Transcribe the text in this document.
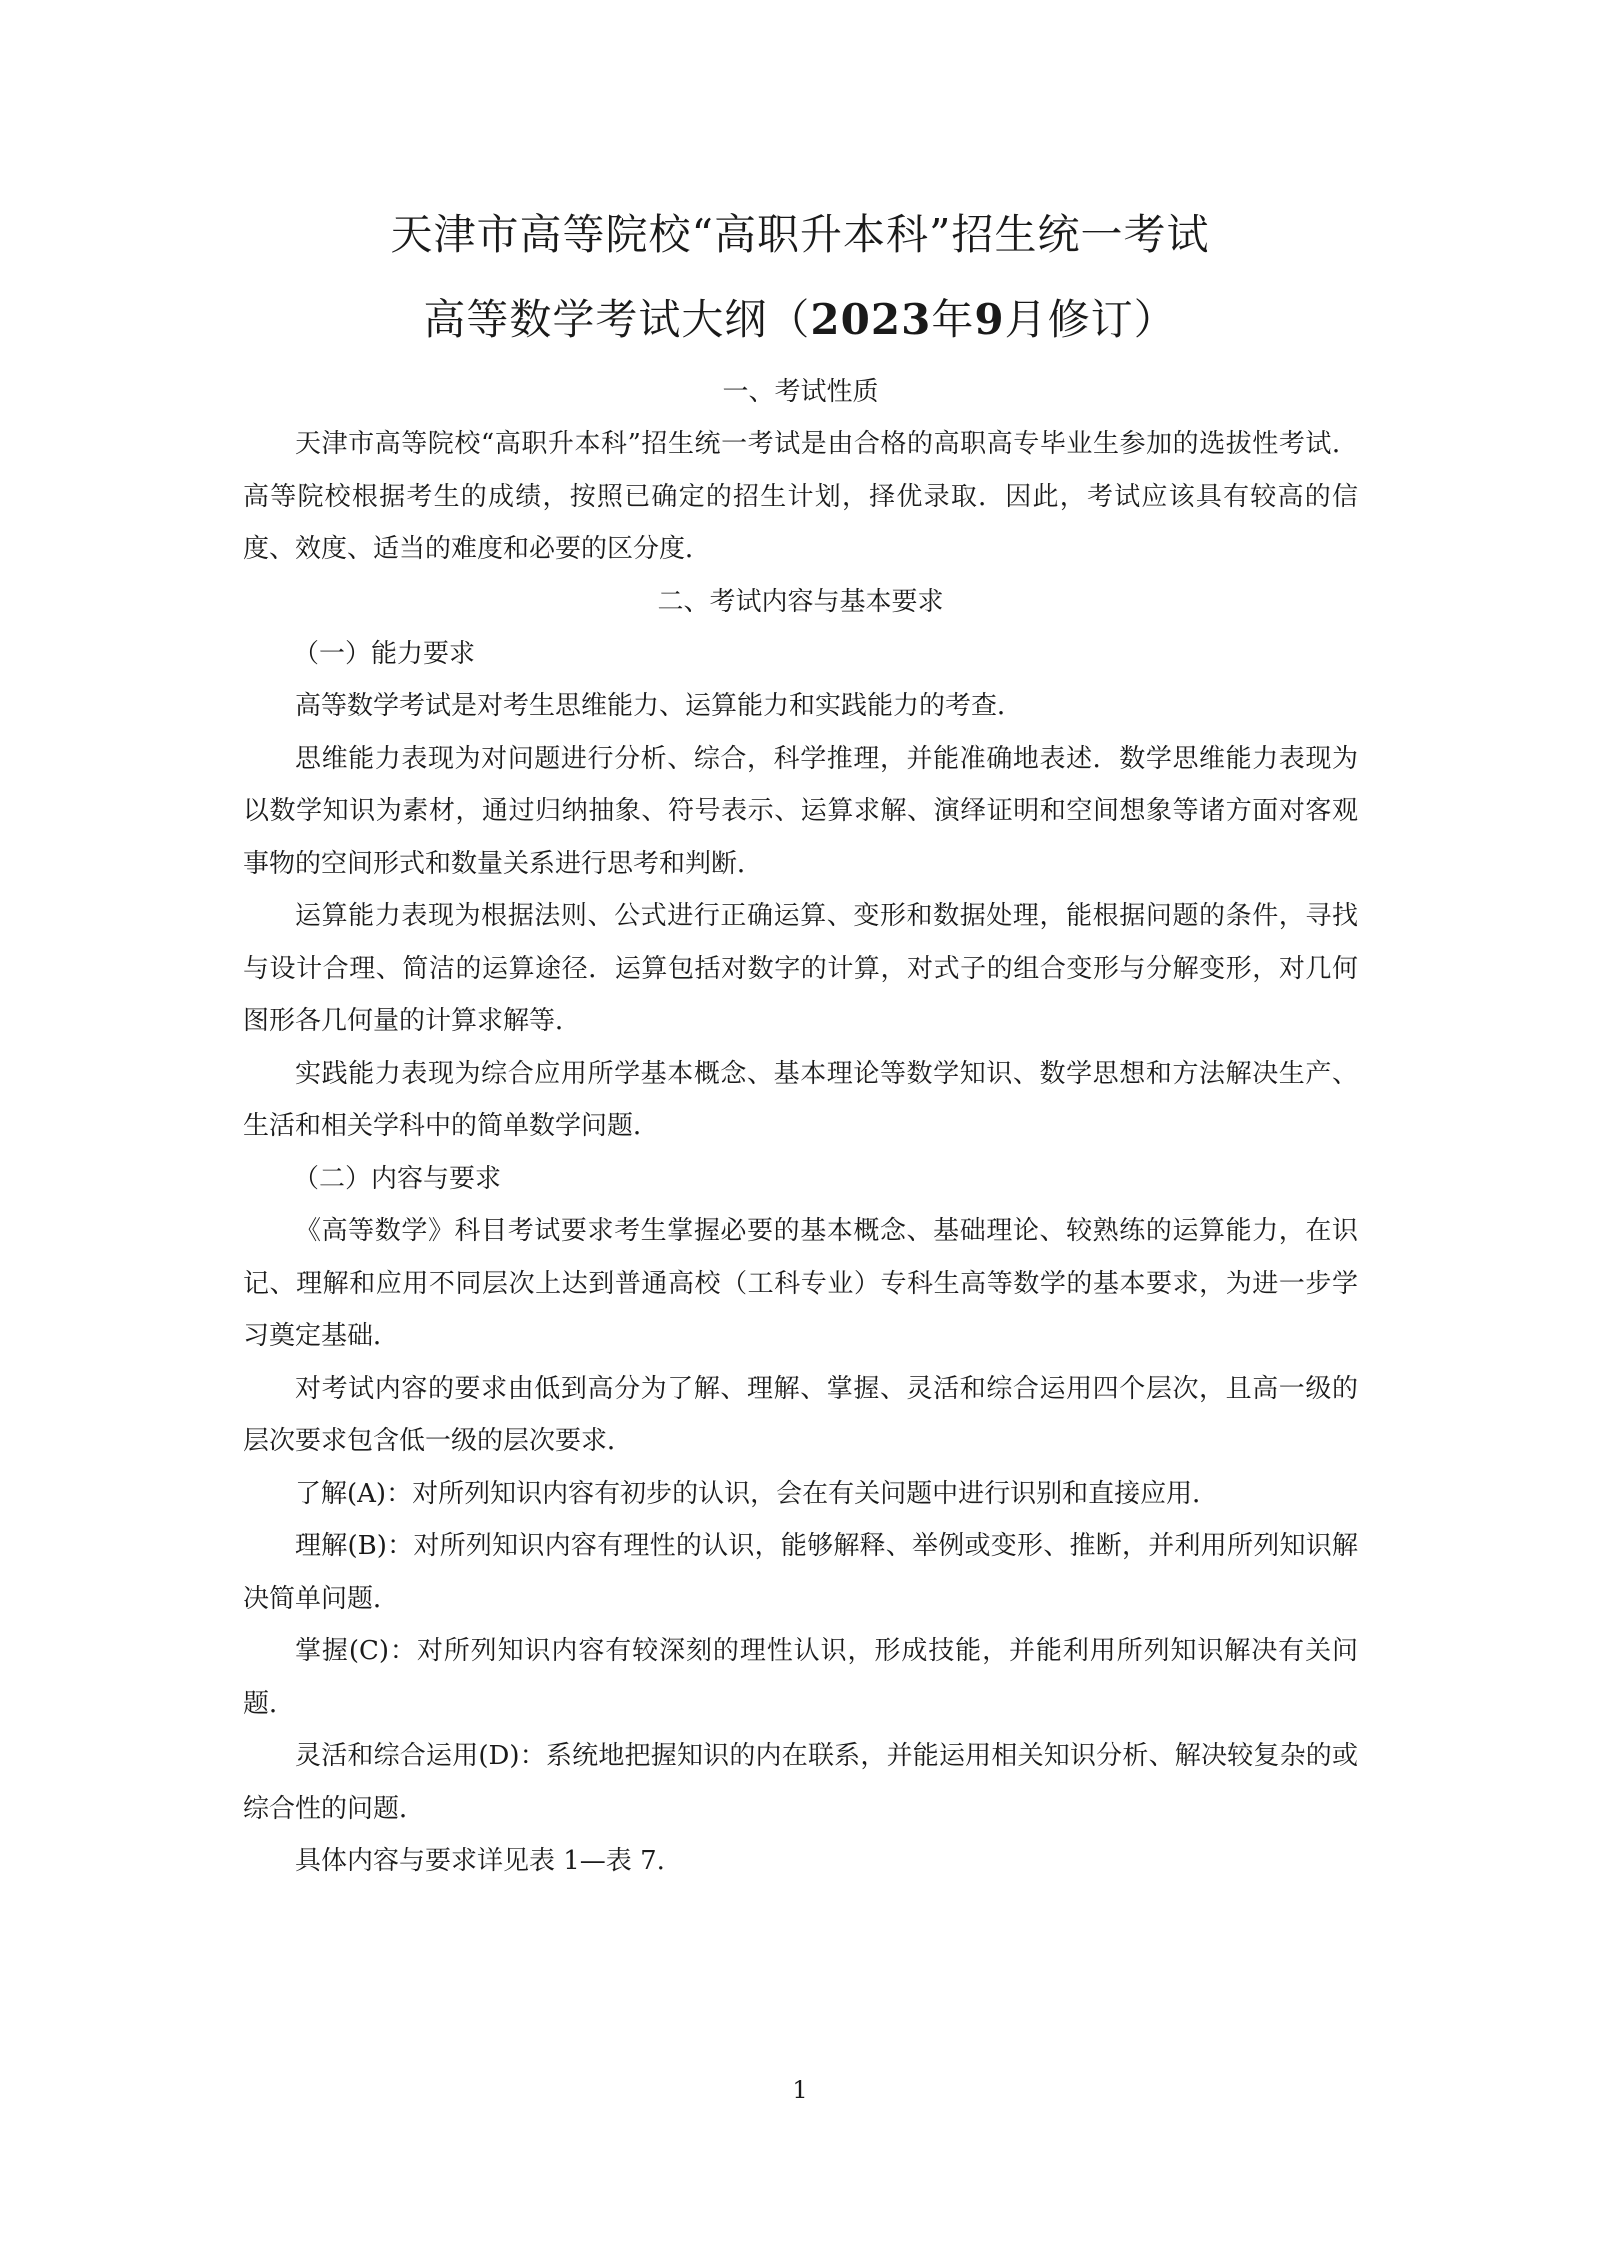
天津市高等院校“高职升本科”招生统一考试
高等数学考试大纲（2023年9月修订）
一、考试性质

天津市高等院校“高职升本科”招生统一考试是由合格的高职高专毕业生参加的选拔性考试．高等院校根据考生的成绩，按照已确定的招生计划，择优录取．因此，考试应该具有较高的信度、效度、适当的难度和必要的区分度．

二、考试内容与基本要求
（一）能力要求

高等数学考试是对考生思维能力、运算能力和实践能力的考查．

思维能力表现为对问题进行分析、综合，科学推理，并能准确地表述．数学思维能力表现为以数学知识为素材，通过归纳抽象、符号表示、运算求解、演绎证明和空间想象等诸方面对客观事物的空间形式和数量关系进行思考和判断．

运算能力表现为根据法则、公式进行正确运算、变形和数据处理，能根据问题的条件，寻找与设计合理、简洁的运算途径．运算包括对数字的计算，对式子的组合变形与分解变形，对几何图形各几何量的计算求解等．

实践能力表现为综合应用所学基本概念、基本理论等数学知识、数学思想和方法解决生产、生活和相关学科中的简单数学问题．

（二）内容与要求

《高等数学》科目考试要求考生掌握必要的基本概念、基础理论、较熟练的运算能力，在识记、理解和应用不同层次上达到普通高校（工科专业）专科生高等数学的基本要求，为进一步学习奠定基础．

对考试内容的要求由低到高分为了解、理解、掌握、灵活和综合运用四个层次，且高一级的层次要求包含低一级的层次要求．

了解(A)：对所列知识内容有初步的认识，会在有关问题中进行识别和直接应用．

理解(B)：对所列知识内容有理性的认识，能够解释、举例或变形、推断，并利用所列知识解决简单问题．

掌握(C)：对所列知识内容有较深刻的理性认识，形成技能，并能利用所列知识解决有关问题．

灵活和综合运用(D)：系统地把握知识的内在联系，并能运用相关知识分析、解决较复杂的或综合性的问题．

具体内容与要求详见表 1—表 7.

1
